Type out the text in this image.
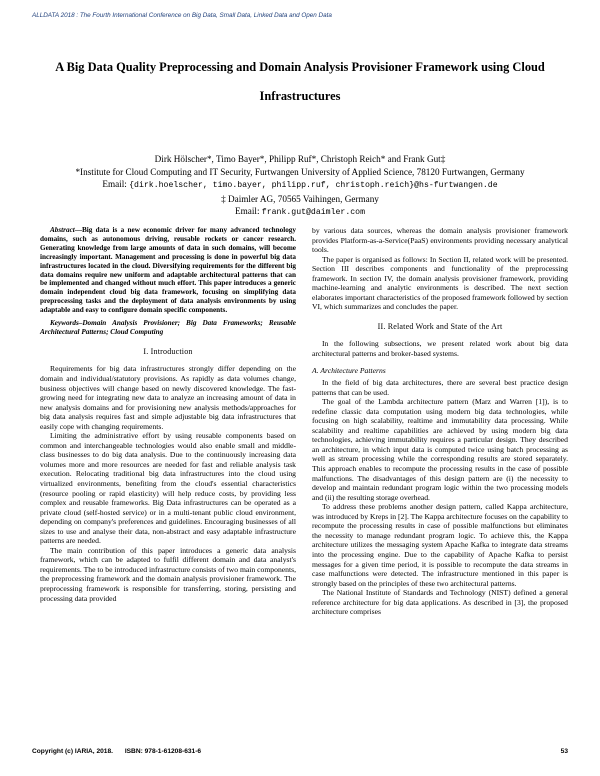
ALLDATA 2018 : The Fourth International Conference on Big Data, Small Data, Linked Data and Open Data
A Big Data Quality Preprocessing and Domain Analysis Provisioner Framework using Cloud Infrastructures
Dirk Hölscher*, Timo Bayer*, Philipp Ruf*, Christoph Reich* and Frank Gut‡
*Institute for Cloud Computing and IT Security, Furtwangen University of Applied Science, 78120 Furtwangen, Germany
Email: {dirk.hoelscher, timo.bayer, philipp.ruf, christoph.reich}@hs-furtwangen.de
‡ Daimler AG, 70565 Vaihingen, Germany
Email: frank.gut@daimler.com

Abstract—Big data is a new economic driver for many advanced technology domains, such as autonomous driving, reusable rockets or cancer research. Generating knowledge from large amounts of data in such domains, will become increasingly important. Management and processing is done in powerful big data infrastructures located in the cloud. Diversifying requirements for the different big data domains require new uniform and adaptable architectural patterns that can be implemented and changed without much effort. This paper introduces a generic domain independent cloud big data framework, focusing on simplifying data preprocessing tasks and the deployment of data analysis environments by using adaptable and easy to configure domain specific components.

Keywords–Domain Analysis Provisioner; Big Data Frameworks; Reusable Architectural Patterns; Cloud Computing

I. Introduction

Requirements for big data infrastructures strongly differ depending on the domain and individual/statutory provisions. As rapidly as data volumes change, business objectives will change based on newly discovered knowledge. The fast-growing need for integrating new data to analyze an increasing amount of data in new analysis domains and for provisioning new analysis methods/approaches for big data analysis requires fast and simple adjustable big data infrastructures that easily cope with changing requirements.

Limiting the administrative effort by using reusable components based on common and interchangeable technologies would also enable small and middle-class businesses to do big data analysis. Due to the continuously increasing data volumes more and more resources are needed for fast and reliable analysis task execution. Relocating traditional big data infrastructures into the cloud using virtualized environments, benefiting from the cloud's essential characteristics (resource pooling or rapid elasticity) will help reduce costs, by providing less complex and reusable frameworks. Big Data infrastructures can be operated as a private cloud (self-hosted service) or in a multi-tenant public cloud environment, depending on company's preferences and guidelines. Encouraging businesses of all sizes to use and analyse their data, non-abstract and easy adaptable infrastructure patterns are needed.

The main contribution of this paper introduces a generic data analysis framework, which can be adapted to fulfil different domain and data analyst's requirements. The to be introduced infrastructure consists of two main components, the preprocessing framework and the domain analysis provisioner framework. The preprocessing framework is responsible for transferring, storing, persisting and processing data provided

by various data sources, whereas the domain analysis provisioner framework provides Platform-as-a-Service(PaaS) environments providing necessary analytical tools.

The paper is organised as follows: In Section II, related work will be presented. Section III describes components and functionality of the preprocessing framework. In section IV, the domain analysis provisioner framework, providing machine-learning and analytic environments is described. The next section elaborates important characteristics of the proposed framework followed by section VI, which summarizes and concludes the paper.

II. Related Work and State of the Art

In the following subsections, we present related work about big data architectural patterns and broker-based systems.

A. Architecture Patterns

In the field of big data architectures, there are several best practice design patterns that can be used.

The goal of the Lambda architecture pattern (Marz and Warren [1]), is to redefine classic data computation using modern big data technologies, while focusing on high scalability, realtime and immutability data processing. While scalability and realtime capabilities are achieved by using modern big data technologies, achieving immutability requires a particular design. They described an architecture, in which input data is computed twice using batch processing as well as stream processing while the corresponding results are stored separately. This approach enables to recompute the processing results in the case of possible malfunctions. The disadvantages of this design pattern are (i) the necessity to develop and maintain redundant program logic within the two processing models and (ii) the resulting storage overhead.

To address these problems another design pattern, called Kappa architecture, was introduced by Kreps in [2]. The Kappa architecture focuses on the capability to recompute the processing results in case of possible malfunctions but eliminates the necessity to manage redundant program logic. To achieve this, the Kappa architecture utilizes the messaging system Apache Kafka to integrate data streams into the processing engine. Due to the capability of Apache Kafka to persist messages for a given time period, it is possible to recompute the data streams in case malfunctions were detected. The infrastructure mentioned in this paper is strongly based on the principles of these two architectural patterns.

The National Institute of Standards and Technology (NIST) defined a general reference architecture for big data applications. As described in [3], the proposed architecture comprises

Copyright (c) IARIA, 2018. ISBN: 978-1-61208-631-6	53
